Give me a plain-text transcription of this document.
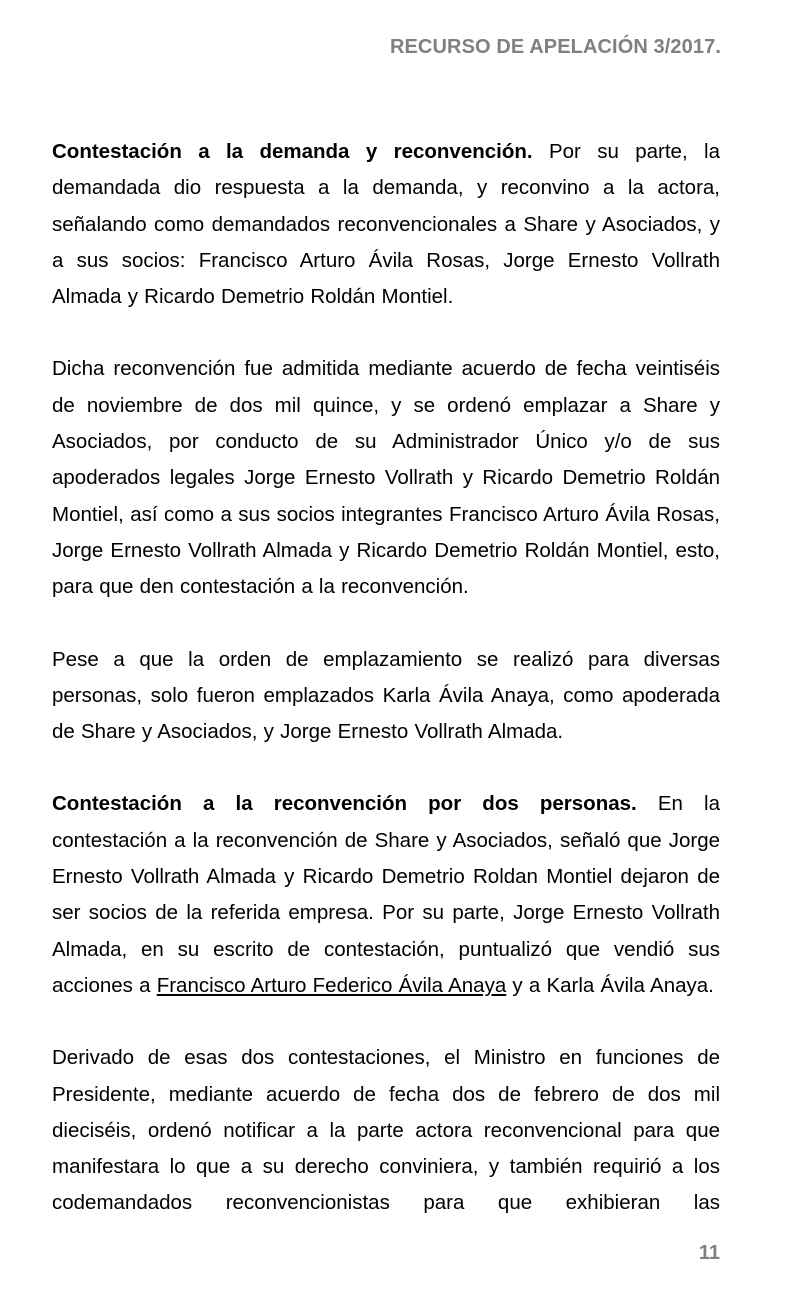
RECURSO DE APELACIÓN 3/2017.

Contestación a la demanda y reconvención. Por su parte, la demandada dio respuesta a la demanda, y reconvino a la actora, señalando como demandados reconvencionales a Share y Asociados, y a sus socios: Francisco Arturo Ávila Rosas, Jorge Ernesto Vollrath Almada y Ricardo Demetrio Roldán Montiel.

Dicha reconvención fue admitida mediante acuerdo de fecha veintiséis de noviembre de dos mil quince, y se ordenó emplazar a Share y Asociados, por conducto de su Administrador Único y/o de sus apoderados legales Jorge Ernesto Vollrath y Ricardo Demetrio Roldán Montiel, así como a sus socios integrantes Francisco Arturo Ávila Rosas, Jorge Ernesto Vollrath Almada y Ricardo Demetrio Roldán Montiel, esto, para que den contestación a la reconvención.

Pese a que la orden de emplazamiento se realizó para diversas personas, solo fueron emplazados Karla Ávila Anaya, como apoderada de Share y Asociados, y Jorge Ernesto Vollrath Almada.

Contestación a la reconvención por dos personas. En la contestación a la reconvención de Share y Asociados, señaló que Jorge Ernesto Vollrath Almada y Ricardo Demetrio Roldan Montiel dejaron de ser socios de la referida empresa. Por su parte, Jorge Ernesto Vollrath Almada, en su escrito de contestación, puntualizó que vendió sus acciones a Francisco Arturo Federico Ávila Anaya y a Karla Ávila Anaya.

Derivado de esas dos contestaciones, el Ministro en funciones de Presidente, mediante acuerdo de fecha dos de febrero de dos mil dieciséis, ordenó notificar a la parte actora reconvencional para que manifestara lo que a su derecho conviniera, y también requirió a los codemandados reconvencionistas para que exhibieran las

11
